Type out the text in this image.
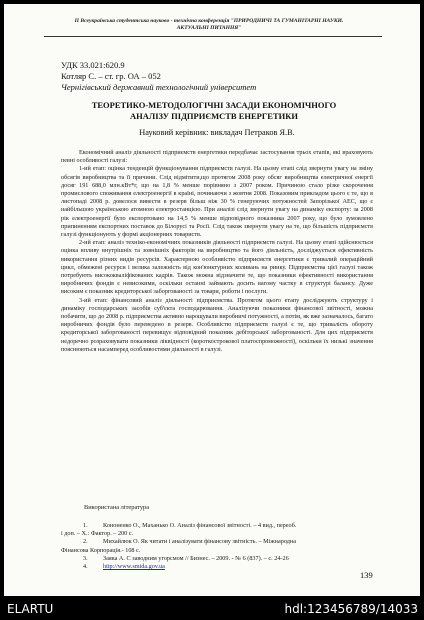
II Всеукраїнська студентська науково - технічна конференція "ПРИРОДНИЧІ ТА ГУМАНІТАРНІ НАУКИ.
АКТУАЛЬНІ ПИТАННЯ"
УДК 33.021:620.9
Котляр С. – ст. гр. ОА – 052
Чернігівський державний технологічний університет
ТЕОРЕТИКО-МЕТОДОЛОГІЧНІ ЗАСАДИ ЕКОНОМІЧНОГО
АНАЛІЗУ ПІДПРИЄМСТВ ЕНЕРГЕТИКИ
Науковий керівник: викладач Петраков Я.В.

Економічний аналіз діяльності підприємств енергетики передбачає застосування трьох етапів, які враховують певні особливості галузі:

1-ий етап: оцінка тенденцій функціонування підприємств галузі. На цьому етапі слід звернути увагу на зміну обсягів виробництва та її причини. Слід відмітити,що протягом 2008 року обсяг виробництва електричної енергії досяг 191 688,0 млн.кВт*г, що на 1,8 % менше порівняно з 2007 роком. Причиною стало різке скорочення промислового споживання електроенергії в країні, починаючи з жовтня 2008. Показовим прикладом цього є те, що в листопаді 2008 р. довелося вивести в резерв більш ніж 30 % генеруючих потужностей Запорізької АЕС, що є найбільшою українською атомною електростанцією. При аналізі слід звернути увагу на динаміку експорту: за 2008 рік електроенергії було експортовано на 14,5 % менше відповідного показника 2007 року, що було зумовлено припиненням експортних поставок до Білорусі та Росії. Слід також звернути увагу на те, що більшість підприємств галузі функціонують у формі акціонерних товариств.

2-ий етап: аналіз техніко-економічних показників діяльності підприємств галузі. На цьому етапі здійснюється оцінка впливу внутрішніх та зовнішніх факторів на виробництво та його діяльність, досліджується ефективність використання різних видів ресурсів. Характерною особливістю підприємств енергетики є тривалий операційний цикл, обмежені ресурси і велика залежність від кон'юнктурних коливань на ринку. Підприємства цієї галузі також потребують висококваліфікованих кадрів. Також можна відзначити те, що показники ефективності використання виробничих фондів є невисокими, оскільки останні займають досить вагому частку в структурі балансу. Дуже високим є показник кредиторської заборгованості за товари, роботи і послуги.

3-ий етап: фінансовий аналіз діяльності підприємства. Протягом цього етапу досліджують структуру і динаміку господарських засобів суб'єкта господарювання. Аналізуючи показники фінансової звітності, можна побачити, що до 2008 р. підприємства активно нарощували виробничі потужності, а потім, як вже зазначалось, багато виробничих фондів було переведено в резерв. Особливістю підприємств галузі є те, що тривалість обороту кредиторської заборгованості перевищує відповідний показник дебіторської заборгованості. Для цих підприємств недоречно розраховувати показники ліквідності (короткострокової платоспроможності), оскільки їх низькі значення пояснюються насамперед особливостями діяльності в галузі.

Використана література
1. Кононенко О., Маханько О. Аналіз фінансової звітності. – 4 вид., переоб.
і доп. – Х.: Фактор. – 200 с.
2. Михайлюк О. Як читати і аналізувати фінансову звітність. – Міжнародна
Фінансова Корпорація.- 108 с.
3. Заяка А. С заводним угорсмом // Бизнес. – 2009. - № 6 (837). – с. 24-26
4. http://www.smida.gov.ua
139
ELARTU	hdl:123456789/14033
